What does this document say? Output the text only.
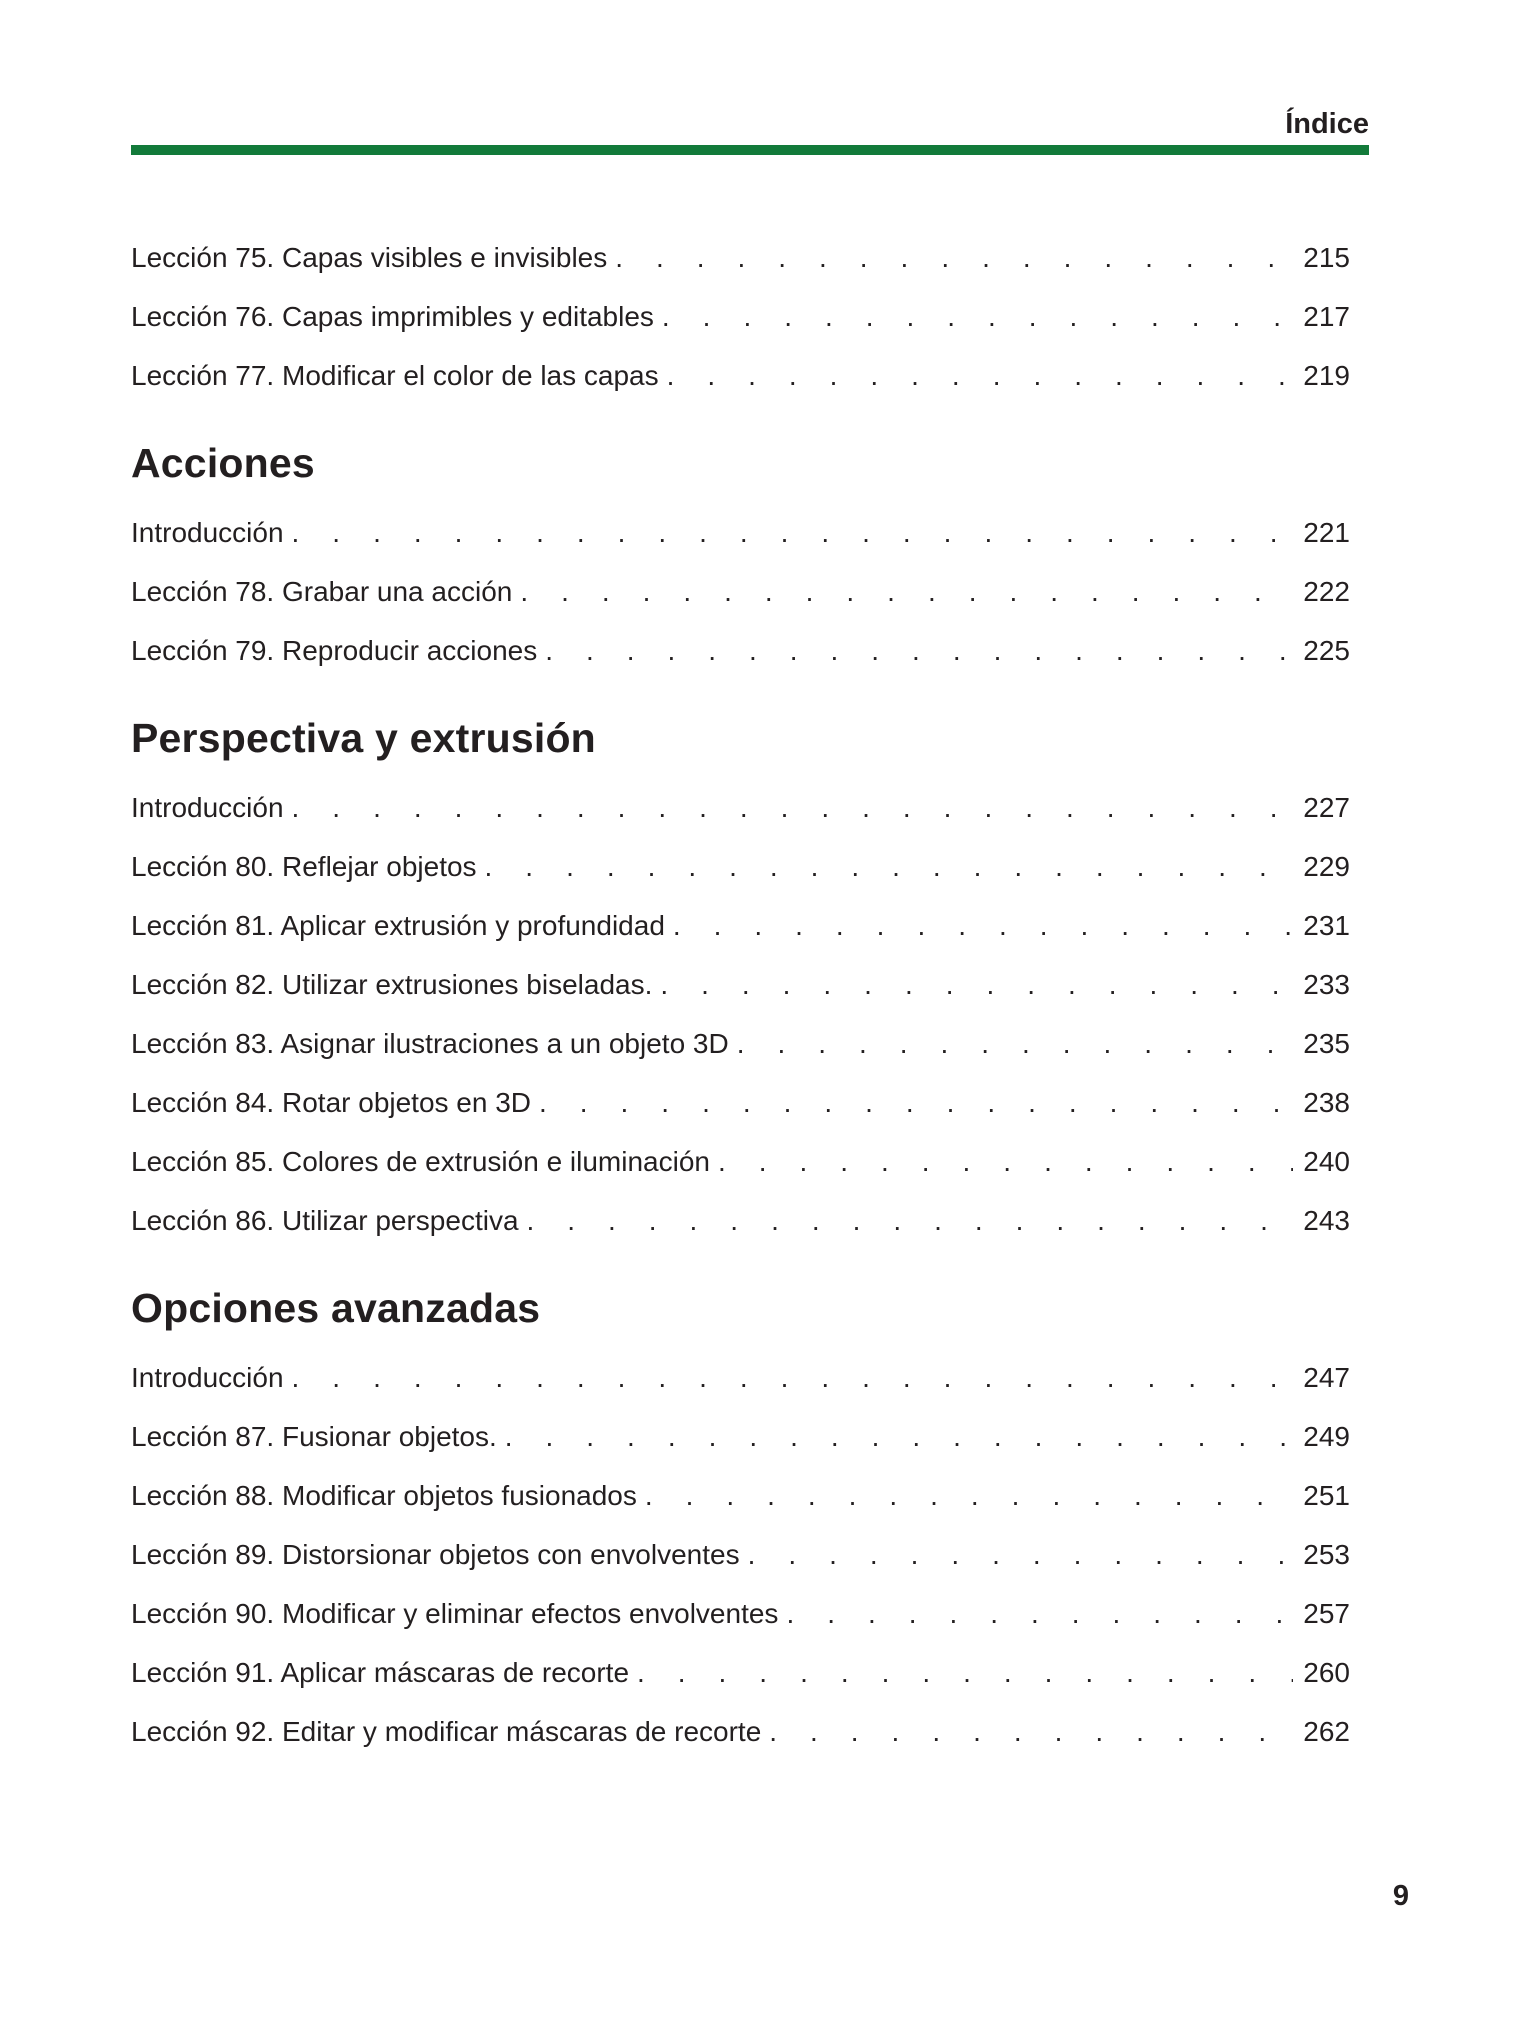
Índice
Lección 75. Capas visibles e invisibles . . .	215
Lección 76. Capas imprimibles y editables . . .	217
Lección 77. Modificar el color de las capas . . .	219
Acciones
Introducción . . .	221
Lección 78. Grabar una acción . . .	222
Lección 79. Reproducir acciones . . .	225
Perspectiva y extrusión
Introducción . . .	227
Lección 80. Reflejar objetos . . .	229
Lección 81. Aplicar extrusión y profundidad . . .	231
Lección 82. Utilizar extrusiones biseladas. . . .	233
Lección 83. Asignar ilustraciones a un objeto 3D . . .	235
Lección 84. Rotar objetos en 3D . . .	238
Lección 85. Colores de extrusión e iluminación . . .	240
Lección 86. Utilizar perspectiva . . .	243
Opciones avanzadas
Introducción . . .	247
Lección 87. Fusionar objetos. . . .	249
Lección 88. Modificar objetos fusionados . . .	251
Lección 89. Distorsionar objetos con envolventes . . .	253
Lección 90. Modificar y eliminar efectos envolventes . . .	257
Lección 91. Aplicar máscaras de recorte . . .	260
Lección 92. Editar y modificar máscaras de recorte . . .	262
9
